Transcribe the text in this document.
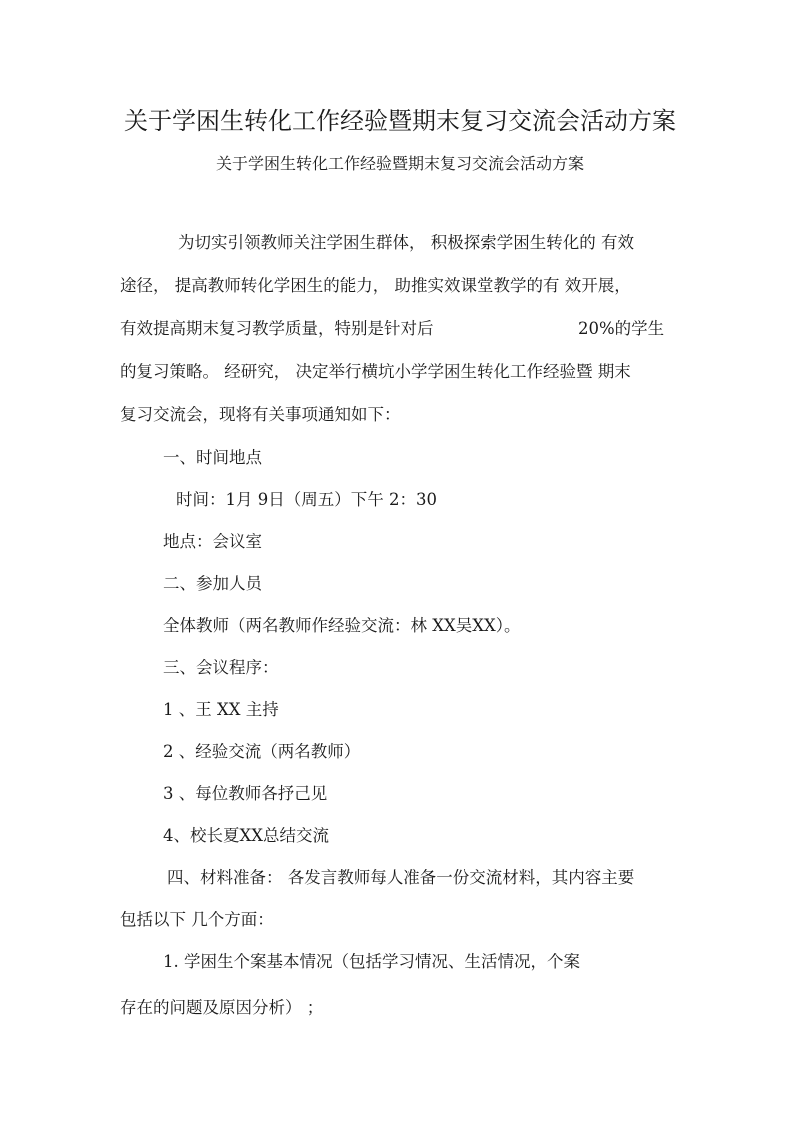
关于学困生转化工作经验暨期末复习交流会活动方案
关于学困生转化工作经验暨期末复习交流会活动方案
为切实引领教师关注学困生群体， 积极探索学困生转化的 有效
途径， 提高教师转化学困生的能力， 助推实效课堂教学的有 效开展，
有效提高期末复习教学质量，特别是针对后	20%的学生
的复习策略。 经研究， 决定举行横坑小学学困生转化工作经验暨 期末
复习交流会，现将有关事项通知如下：
一、时间地点
时间：1月 9日（周五）下午 2：30
地点：会议室
二、参加人员
全体教师（两名教师作经验交流：林 XX吴XX）。
三、会议程序：
1 、王 XX 主持
2 、经验交流（两名教师）
3 、每位教师各抒己见
4、校长夏XX总结交流
四、材料准备： 各发言教师每人准备一份交流材料，其内容主要
包括以下 几个方面：
1. 学困生个案基本情况（包括学习情况、生活情况，个案
存在的问题及原因分析） ；
